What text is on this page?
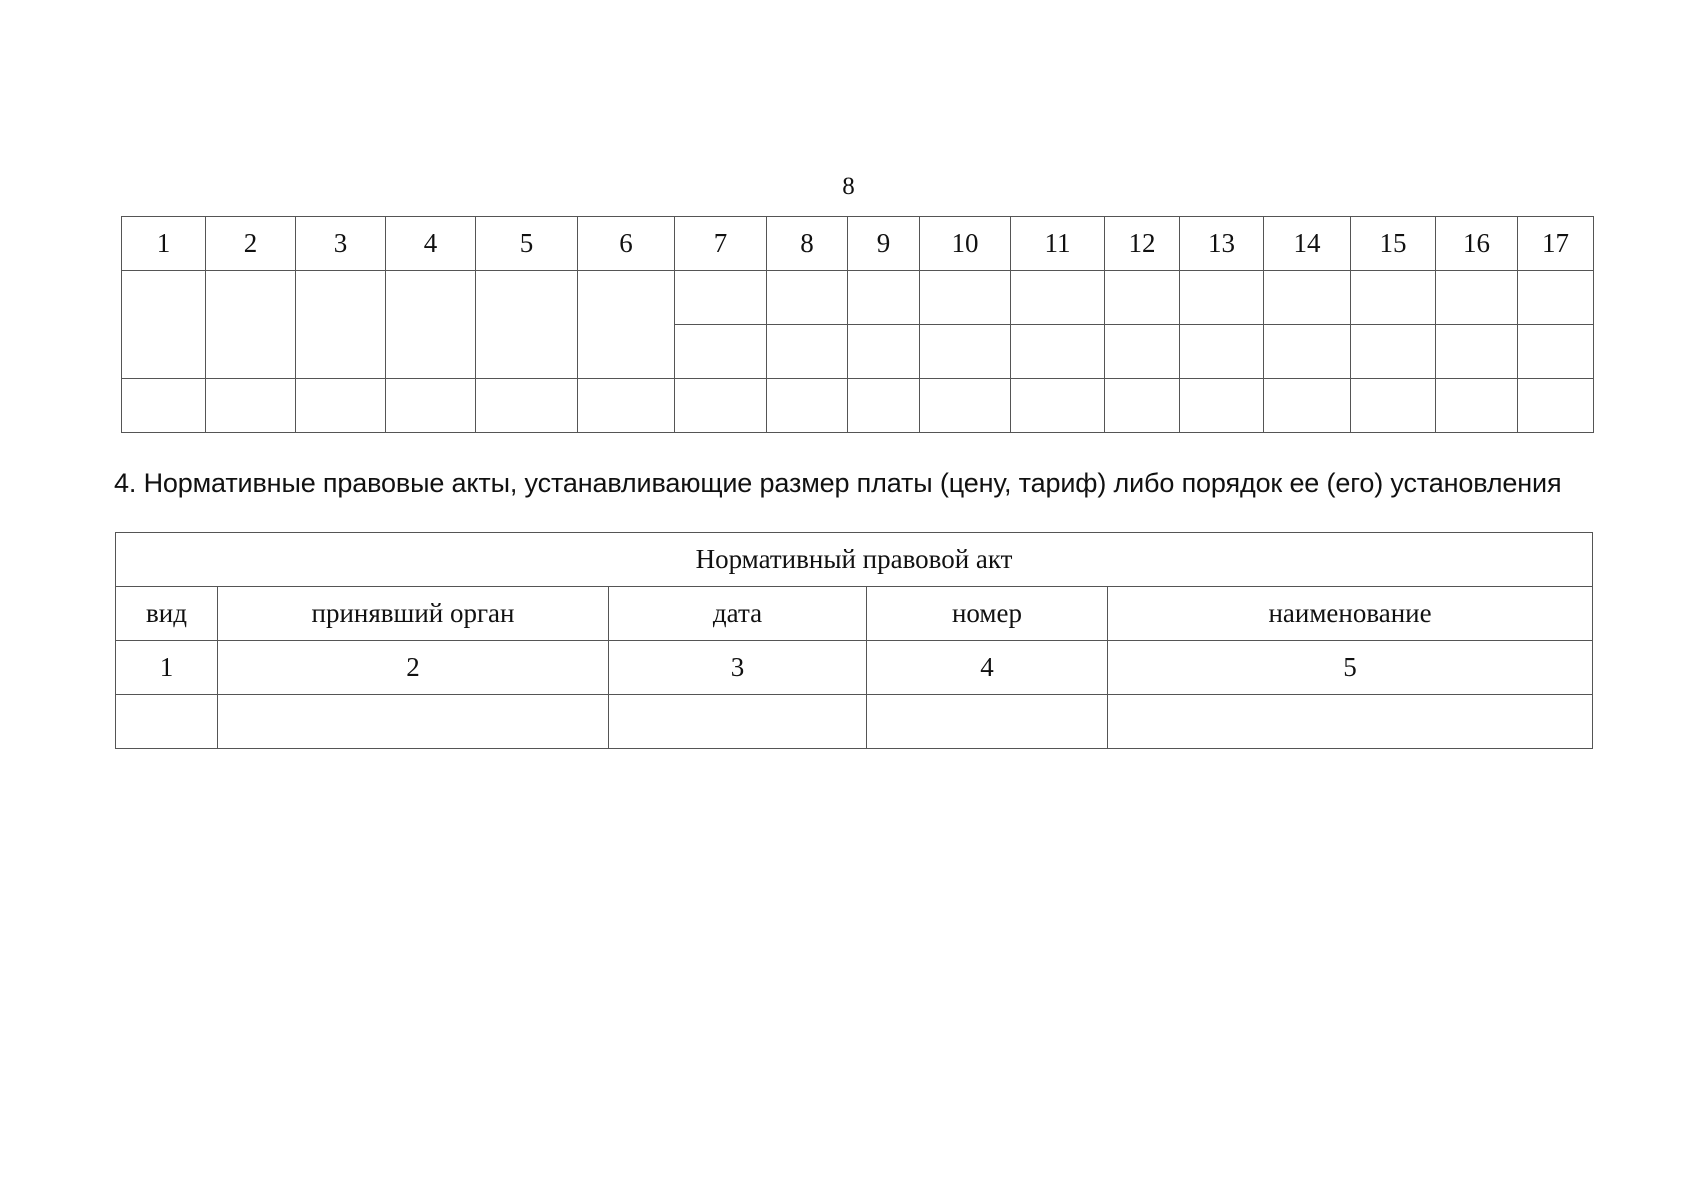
8
1	2	3	4	5	6	7	8	9	10	11	12	13	14	15	16	17

4. Нормативные правовые акты, устанавливающие размер платы (цену, тариф) либо порядок ее (его) установления
Нормативный правовой акт				
вид	принявший орган	дата	номер	наименование
1	2	3	4	5
